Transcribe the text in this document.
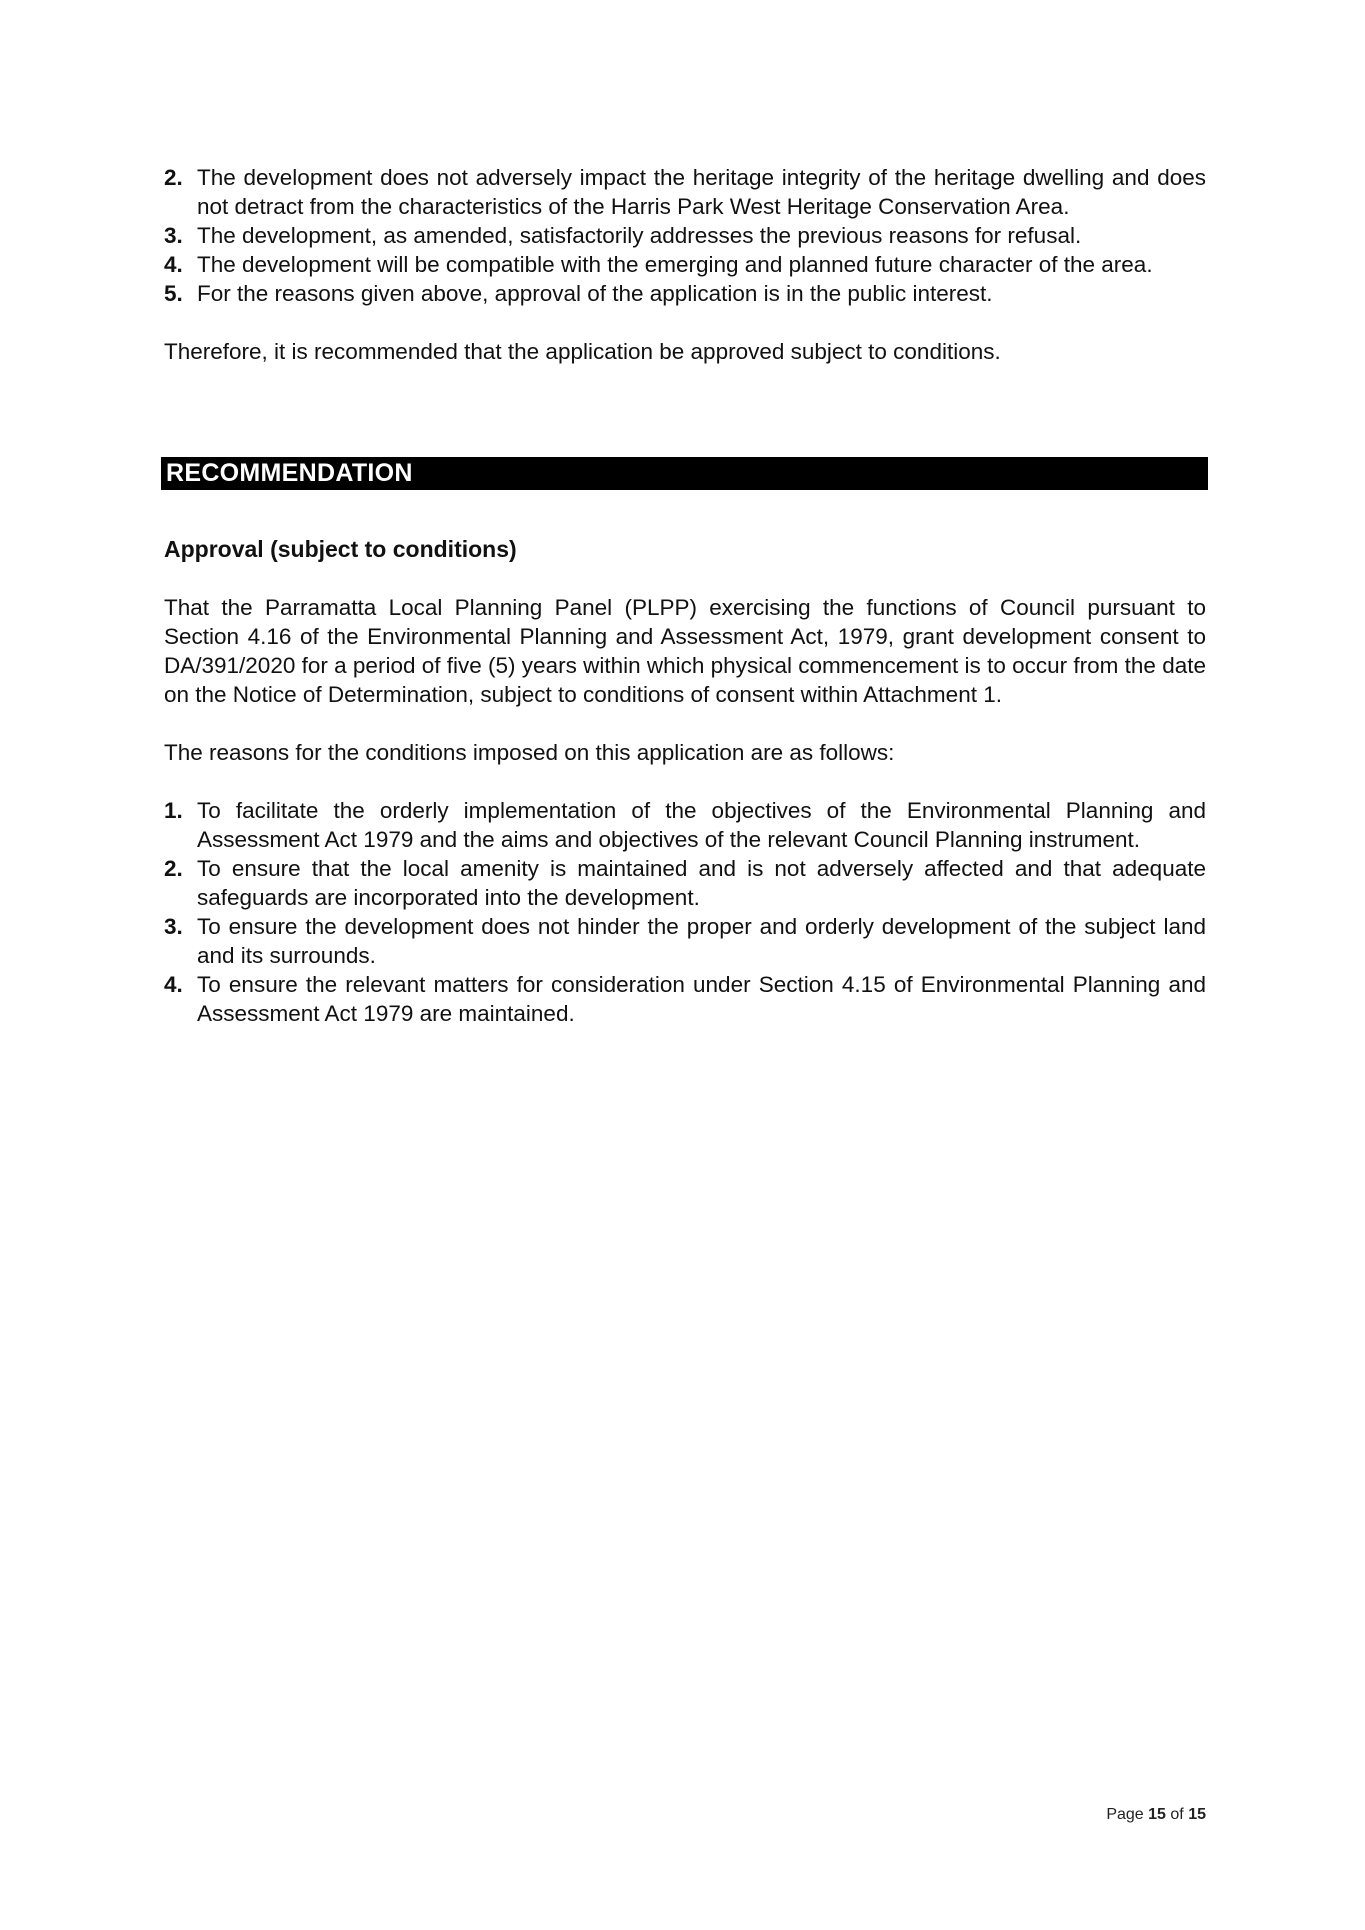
2. The development does not adversely impact the heritage integrity of the heritage dwelling and does not detract from the characteristics of the Harris Park West Heritage Conservation Area.
3. The development, as amended, satisfactorily addresses the previous reasons for refusal.
4. The development will be compatible with the emerging and planned future character of the area.
5. For the reasons given above, approval of the application is in the public interest.

Therefore, it is recommended that the application be approved subject to conditions.

RECOMMENDATION

Approval (subject to conditions)

That the Parramatta Local Planning Panel (PLPP) exercising the functions of Council pursuant to Section 4.16 of the Environmental Planning and Assessment Act, 1979, grant development consent to DA/391/2020 for a period of five (5) years within which physical commencement is to occur from the date on the Notice of Determination, subject to conditions of consent within Attachment 1.

The reasons for the conditions imposed on this application are as follows:

1. To facilitate the orderly implementation of the objectives of the Environmental Planning and Assessment Act 1979 and the aims and objectives of the relevant Council Planning instrument.
2. To ensure that the local amenity is maintained and is not adversely affected and that adequate safeguards are incorporated into the development.
3. To ensure the development does not hinder the proper and orderly development of the subject land and its surrounds.
4. To ensure the relevant matters for consideration under Section 4.15 of Environmental Planning and Assessment Act 1979 are maintained.
Page 15 of 15
